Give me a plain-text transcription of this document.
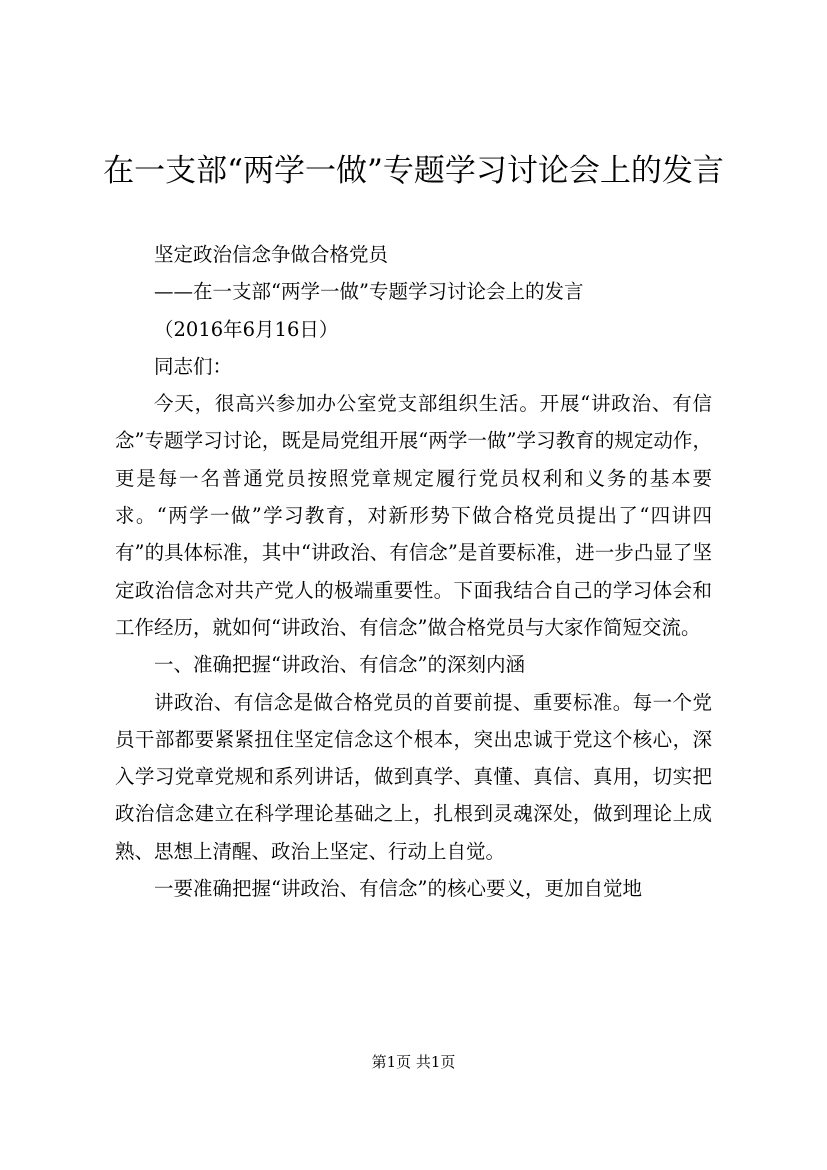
在一支部“两学一做”专题学习讨论会上的发言

坚定政治信念争做合格党员

——在一支部“两学一做”专题学习讨论会上的发言

（2016年6月16日）

同志们：

今天，很高兴参加办公室党支部组织生活。开展“讲政治、有信念”专题学习讨论，既是局党组开展“两学一做”学习教育的规定动作，更是每一名普通党员按照党章规定履行党员权利和义务的基本要求。“两学一做”学习教育，对新形势下做合格党员提出了“四讲四有”的具体标准，其中“讲政治、有信念”是首要标准，进一步凸显了坚定政治信念对共产党人的极端重要性。下面我结合自己的学习体会和工作经历，就如何“讲政治、有信念”做合格党员与大家作简短交流。

一、准确把握“讲政治、有信念”的深刻内涵

讲政治、有信念是做合格党员的首要前提、重要标准。每一个党员干部都要紧紧扭住坚定信念这个根本，突出忠诚于党这个核心，深入学习党章党规和系列讲话，做到真学、真懂、真信、真用，切实把政治信念建立在科学理论基础之上，扎根到灵魂深处，做到理论上成熟、思想上清醒、政治上坚定、行动上自觉。

一要准确把握“讲政治、有信念”的核心要义，更加自觉地

第1页 共1页
